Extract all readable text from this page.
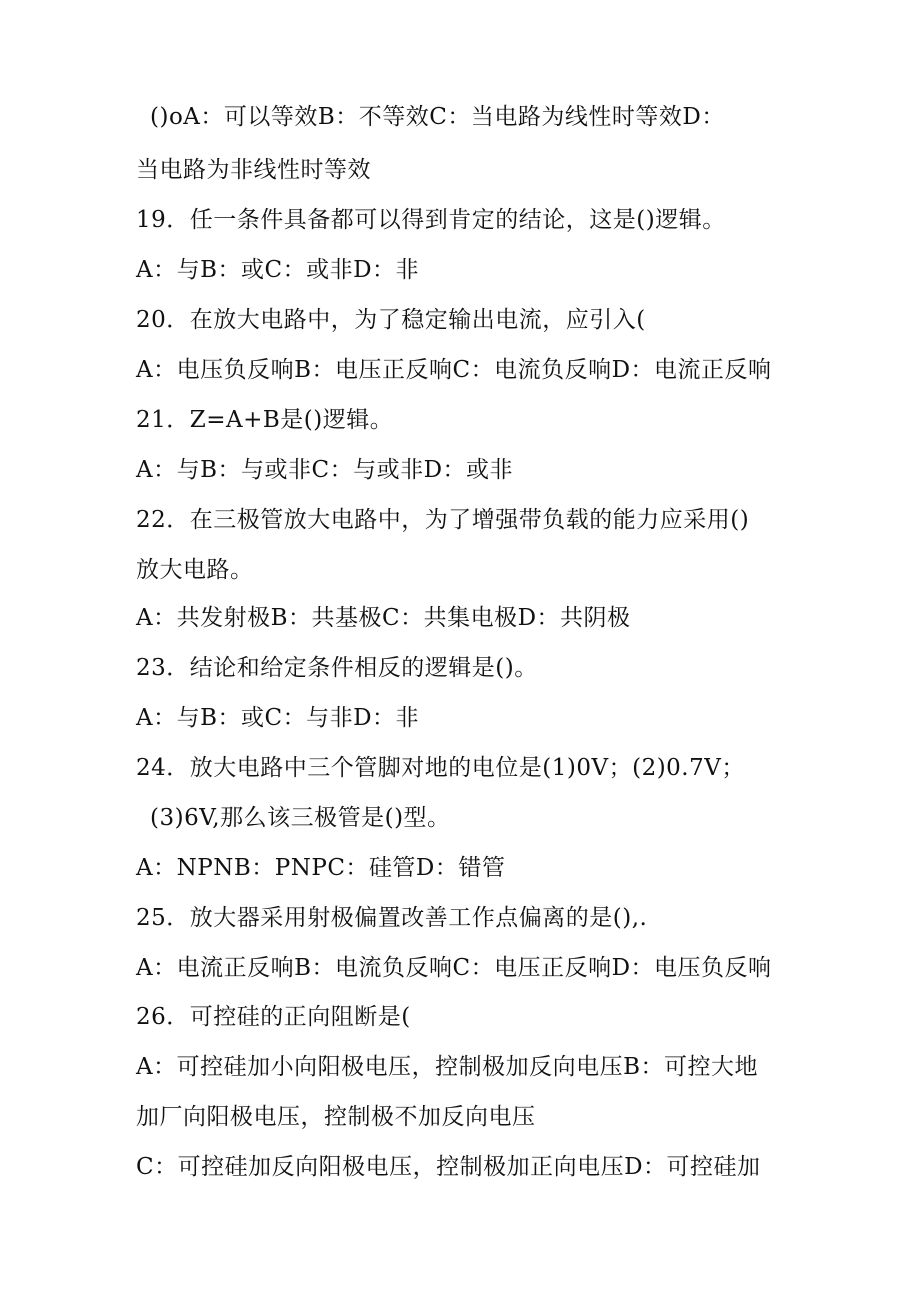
()oA：可以等效B：不等效C：当电路为线性时等效D：
当电路为非线性时等效
19．任一条件具备都可以得到肯定的结论，这是()逻辑。
A：与B：或C：或非D：非
20．在放大电路中，为了稳定输出电流，应引入(
A：电压负反响B：电压正反响C：电流负反响D：电流正反响
21．Z=A+B是()逻辑。
A：与B：与或非C：与或非D：或非
22．在三极管放大电路中，为了增强带负载的能力应采用()
放大电路。
A：共发射极B：共基极C：共集电极D：共阴极
23．结论和给定条件相反的逻辑是()。
A：与B：或C：与非D：非
24．放大电路中三个管脚对地的电位是(1)0V；(2)0.7V；
(3)6V,那么该三极管是()型。
A：NPNB：PNPC：硅管D：错管
25．放大器采用射极偏置改善工作点偏离的是(),.
A：电流正反响B：电流负反响C：电压正反响D：电压负反响
26．可控硅的正向阻断是(
A：可控硅加小向阳极电压，控制极加反向电压B：可控大地
加厂向阳极电压，控制极不加反向电压
C：可控硅加反向阳极电压，控制极加正向电压D：可控硅加
